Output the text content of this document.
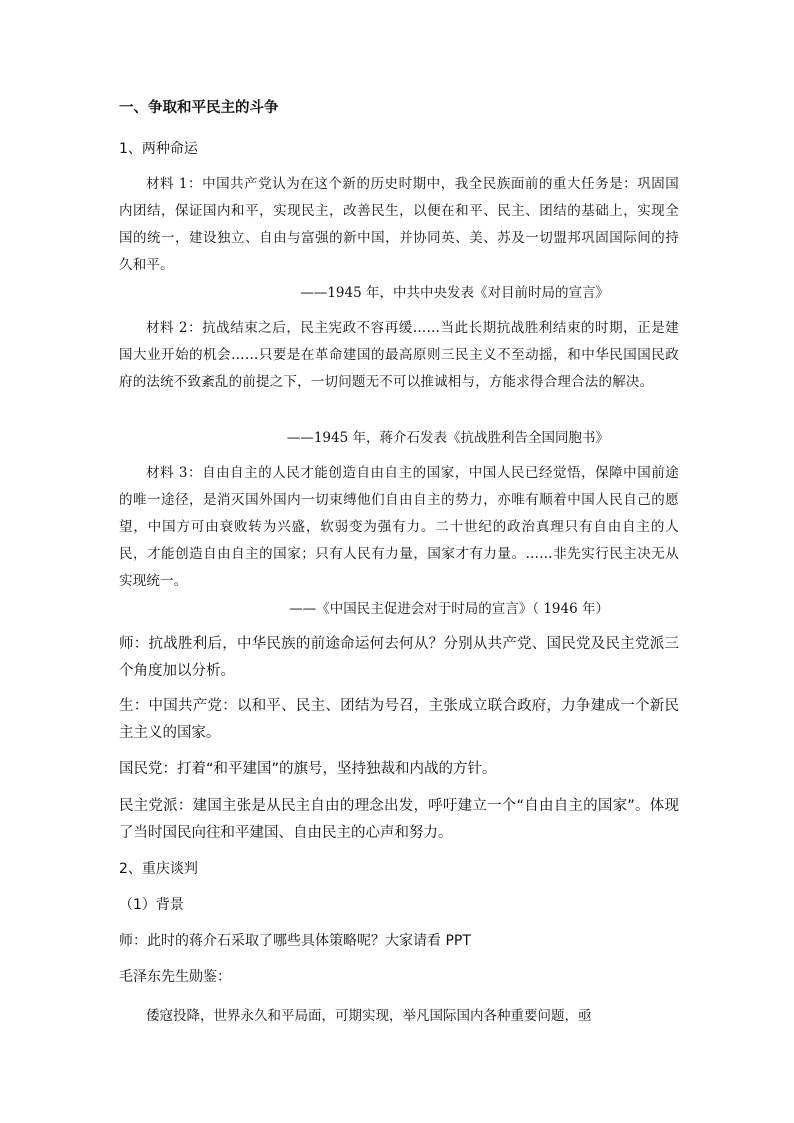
一、争取和平民主的斗争

1、两种命运

材料 1：中国共产党认为在这个新的历史时期中，我全民族面前的重大任务是：巩固国内团结，保证国内和平，实现民主，改善民生，以便在和平、民主、团结的基础上，实现全国的统一，建设独立、自由与富强的新中国，并协同英、美、苏及一切盟邦巩固国际间的持久和平。

——1945 年，中共中央发表《对目前时局的宣言》

材料 2：抗战结束之后，民主宪政不容再缓……当此长期抗战胜利结束的时期，正是建国大业开始的机会……只要是在革命建国的最高原则三民主义不至动摇，和中华民国国民政府的法统不致紊乱的前提之下，一切问题无不可以推诚相与，方能求得合理合法的解决。

——1945 年，蒋介石发表《抗战胜利告全国同胞书》

材料 3：自由自主的人民才能创造自由自主的国家，中国人民已经觉悟，保障中国前途的唯一途径，是消灭国外国内一切束缚他们自由自主的势力，亦唯有顺着中国人民自己的愿望，中国方可由衰败转为兴盛，软弱变为强有力。二十世纪的政治真理只有自由自主的人民，才能创造自由自主的国家；只有人民有力量，国家才有力量。……非先实行民主决无从实现统一。

——《中国民主促进会对于时局的宣言》（ 1946 年）

师：抗战胜利后，中华民族的前途命运何去何从？分别从共产党、国民党及民主党派三个角度加以分析。

生：中国共产党：以和平、民主、团结为号召，主张成立联合政府，力争建成一个新民主主义的国家。

国民党：打着“和平建国”的旗号，坚持独裁和内战的方针。

民主党派：建国主张是从民主自由的理念出发，呼吁建立一个“自由自主的国家”。体现了当时国民向往和平建国、自由民主的心声和努力。

2、重庆谈判

（1）背景

师：此时的蒋介石采取了哪些具体策略呢？大家请看 PPT

毛泽东先生勋鉴：

倭寇投降，世界永久和平局面，可期实现，举凡国际国内各种重要问题，亟
